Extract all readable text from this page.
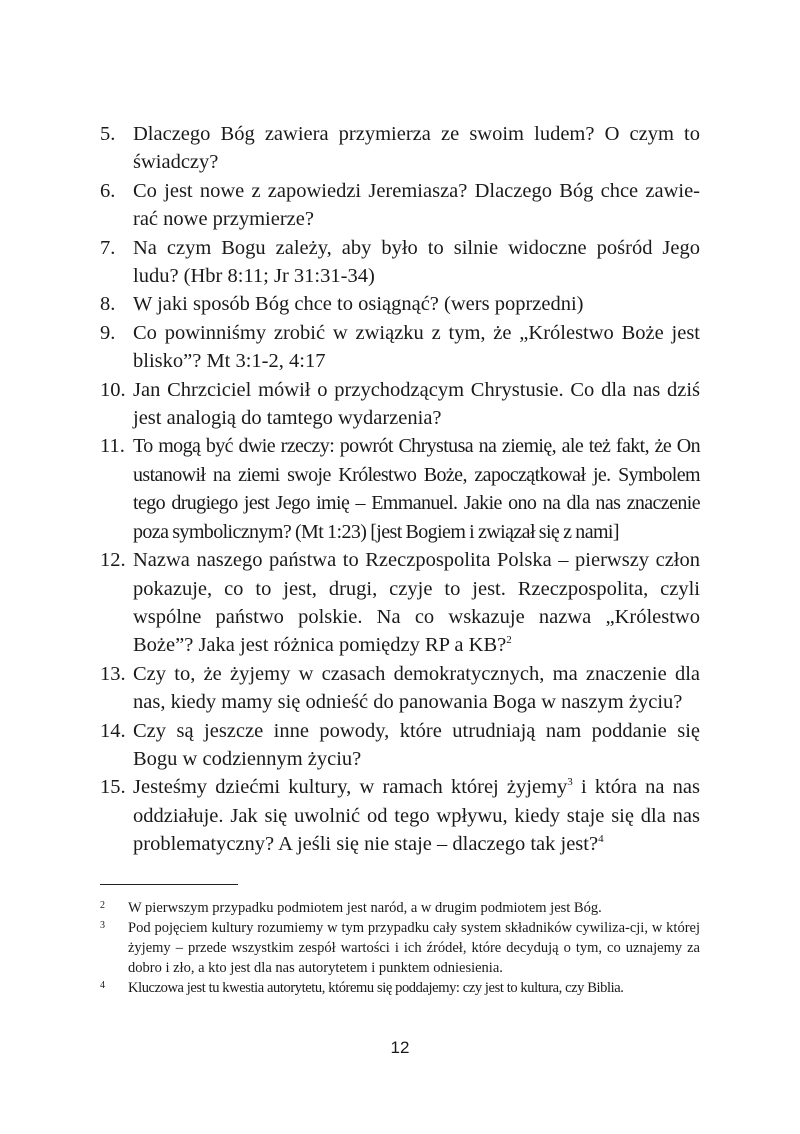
5. Dlaczego Bóg zawiera przymierza ze swoim ludem? O czym to świadczy?
6. Co jest nowe z zapowiedzi Jeremiasza? Dlaczego Bóg chce zawie-rać nowe przymierze?
7. Na czym Bogu zależy, aby było to silnie widoczne pośród Jego ludu? (Hbr 8:11; Jr 31:31-34)
8. W jaki sposób Bóg chce to osiągnąć? (wers poprzedni)
9. Co powinniśmy zrobić w związku z tym, że „Królestwo Boże jest blisko”? Mt 3:1-2, 4:17
10. Jan Chrzciciel mówił o przychodzącym Chrystusie. Co dla nas dziś jest analogią do tamtego wydarzenia?
11. To mogą być dwie rzeczy: powrót Chrystusa na ziemię, ale też fakt, że On ustanowił na ziemi swoje Królestwo Boże, zapoczątkował je. Symbolem tego drugiego jest Jego imię – Emmanuel. Jakie ono na dla nas znaczenie poza symbolicznym? (Mt 1:23) [jest Bogiem i związał się z nami]
12. Nazwa naszego państwa to Rzeczpospolita Polska – pierwszy człon pokazuje, co to jest, drugi, czyje to jest. Rzeczpospolita, czyli wspólne państwo polskie. Na co wskazuje nazwa „Królestwo Boże”? Jaka jest różnica pomiędzy RP a KB?$^2$
13. Czy to, że żyjemy w czasach demokratycznych, ma znaczenie dla nas, kiedy mamy się odnieść do panowania Boga w naszym życiu?
14. Czy są jeszcze inne powody, które utrudniają nam poddanie się Bogu w codziennym życiu?
15. Jesteśmy dziećmi kultury, w ramach której żyjemy$^3$ i która na nas oddziałuje. Jak się uwolnić od tego wpływu, kiedy staje się dla nas problematyczny? A jeśli się nie staje – dlaczego tak jest?$^4$
2	W pierwszym przypadku podmiotem jest naród, a w drugim podmiotem jest Bóg.
3	Pod pojęciem kultury rozumiemy w tym przypadku cały system składników cywiliza-cji, w której żyjemy – przede wszystkim zespół wartości i ich źródeł, które decydują o tym, co uznajemy za dobro i zło, a kto jest dla nas autorytetem i punktem odniesienia.
4	Kluczowa jest tu kwestia autorytetu, któremu się poddajemy: czy jest to kultura, czy Biblia.
12
